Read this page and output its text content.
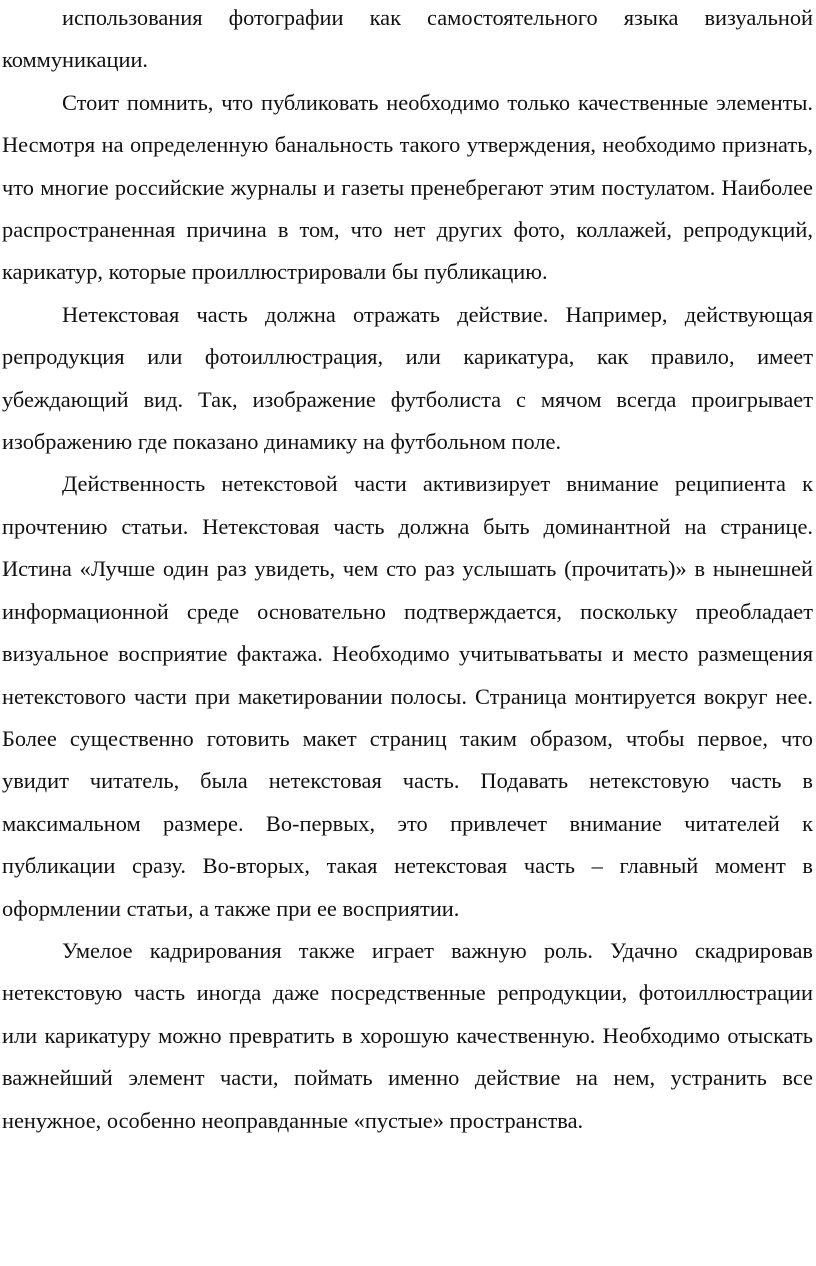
использования фотографии как самостоятельного языка визуальной коммуникации.

Стоит помнить, что публиковать необходимо только качественные элементы. Несмотря на определенную банальность такого утверждения, необходимо признать, что многие российские журналы и газеты пренебрегают этим постулатом. Наиболее распространенная причина в том, что нет других фото, коллажей, репродукций, карикатур, которые проиллюстрировали бы публикацию.

Нетекстовая часть должна отражать действие. Например, действующая репродукция или фотоиллюстрация, или карикатура, как правило, имеет убеждающий вид. Так, изображение футболиста с мячом всегда проигрывает изображению где показано динамику на футбольном поле.

Действенность нетекстовой части активизирует внимание реципиента к прочтению статьи. Нетекстовая часть должна быть доминантной на странице. Истина «Лучше один раз увидеть, чем сто раз услышать (прочитать)» в нынешней информационной среде основательно подтверждается, поскольку преобладает визуальное восприятие фактажа. Необходимо учитыватьваты и место размещения нетекстового части при макетировании полосы. Страница монтируется вокруг нее. Более существенно готовить макет страниц таким образом, чтобы первое, что увидит читатель, была нетекстовая часть. Подавать нетекстовую часть в максимальном размере. Во-первых, это привлечет внимание читателей к публикации сразу. Во-вторых, такая нетекстовая часть – главный момент в оформлении статьи, а также при ее восприятии.

Умелое кадрирования также играет важную роль. Удачно скадрировав нетекстовую часть иногда даже посредственные репродукции, фотоиллюстрации или карикатуру можно превратить в хорошую качественную. Необходимо отыскать важнейший элемент части, поймать именно действие на нем, устранить все ненужное, особенно неоправданные «пустые» пространства.
